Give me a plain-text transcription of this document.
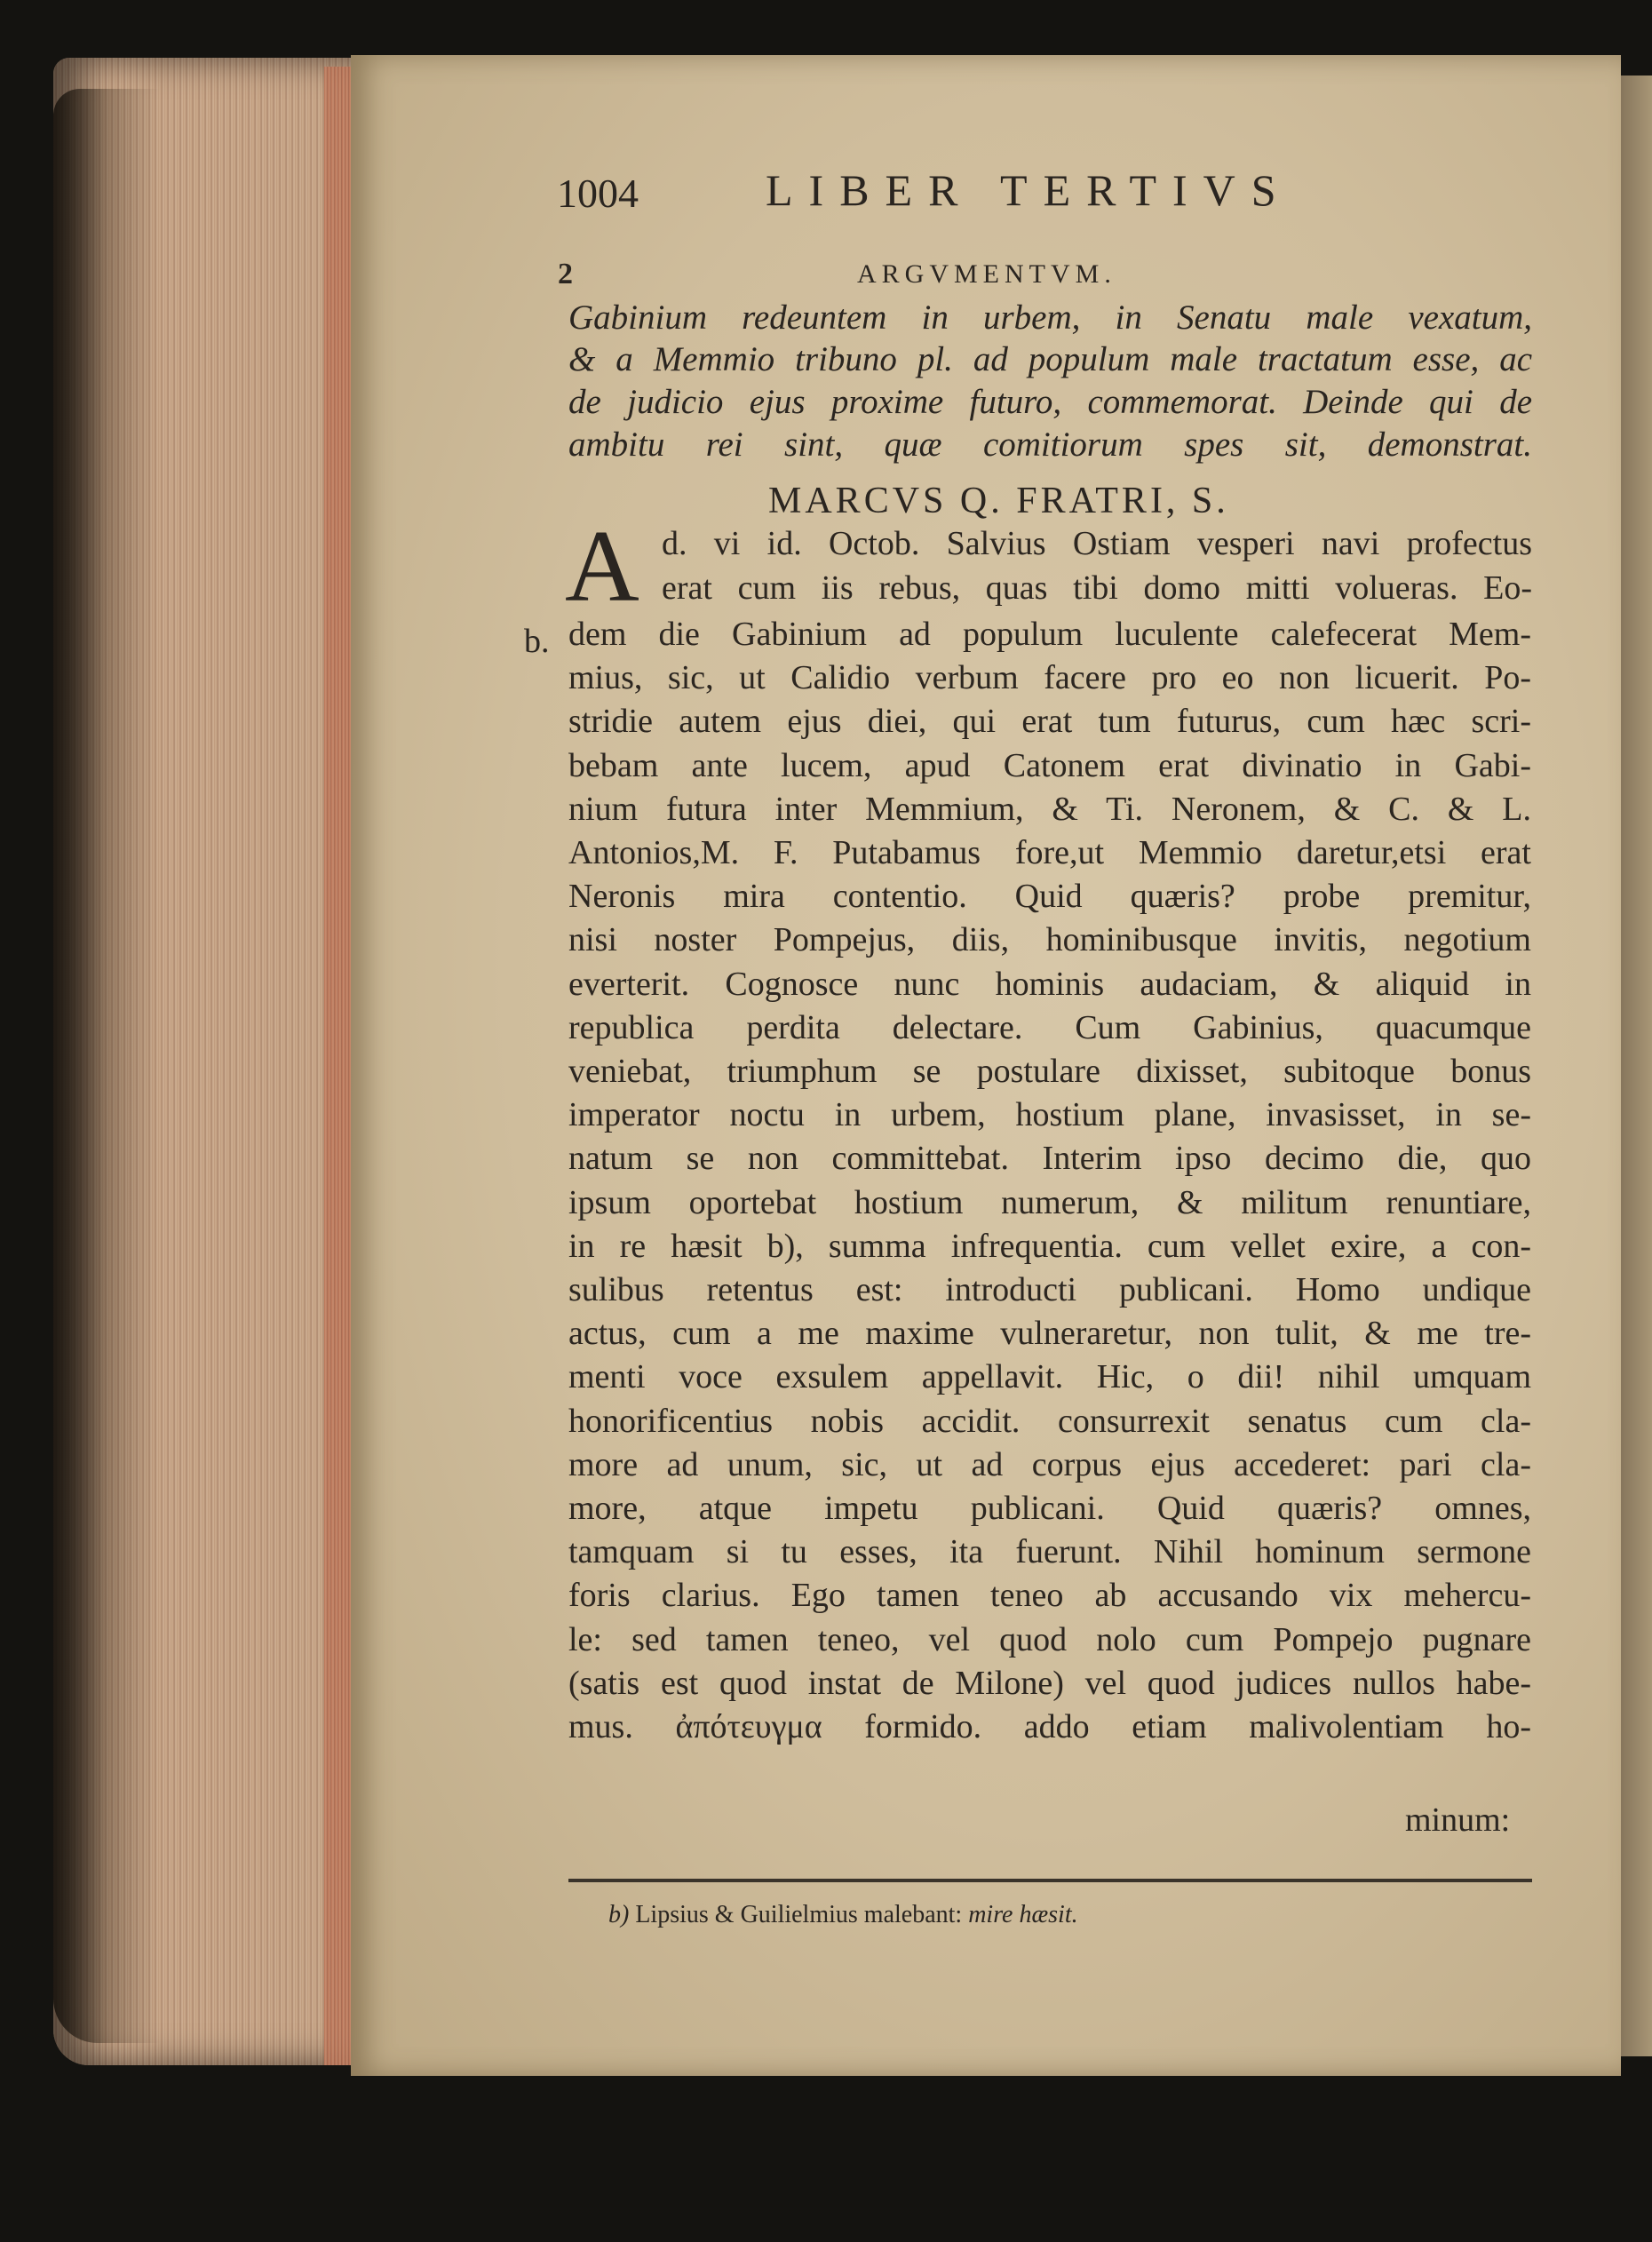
1004	LIBER TERTIVS
2	ARGVMENTVM.
Gabinium redeuntem in urbem, in Senatu male vexatum,
& a Memmio tribuno pl. ad populum male tractatum esse, ac
de judicio ejus proxime futuro, commemorat. Deinde qui de
ambitu rei sint, quæ comitiorum spes sit, demonstrat.
MARCVS Q. FRATRI, S.
A
b.
d. vi id. Octob. Salvius Ostiam vesperi navi profectus
erat cum iis rebus, quas tibi domo mitti volueras. Eo-
minum:
b) Lipsius & Guilielmius malebant: mire hæsit.
dem die Gabinium ad populum luculente calefecerat Mem-
mius, sic, ut Calidio verbum facere pro eo non licuerit. Po-
stridie autem ejus diei, qui erat tum futurus, cum hæc scri-
bebam ante lucem, apud Catonem erat divinatio in Gabi-
nium futura inter Memmium, & Ti. Neronem, & C. & L.
Antonios,M. F. Putabamus fore,ut Memmio daretur,etsi erat
Neronis mira contentio. Quid quæris? probe premitur,
nisi noster Pompejus, diis, hominibusque invitis, negotium
everterit. Cognosce nunc hominis audaciam, & aliquid in
republica perdita delectare. Cum Gabinius, quacumque
veniebat, triumphum se postulare dixisset, subitoque bonus
imperator noctu in urbem, hostium plane, invasisset, in se-
natum se non committebat. Interim ipso decimo die, quo
ipsum oportebat hostium numerum, & militum renuntiare,
in re hæsit b), summa infrequentia. cum vellet exire, a con-
sulibus retentus est: introducti publicani. Homo undique
actus, cum a me maxime vulneraretur, non tulit, & me tre-
menti voce exsulem appellavit. Hic, o dii! nihil umquam
honorificentius nobis accidit. consurrexit senatus cum cla-
more ad unum, sic, ut ad corpus ejus accederet: pari cla-
more, atque impetu publicani. Quid quæris? omnes,
tamquam si tu esses, ita fuerunt. Nihil hominum sermone
foris clarius. Ego tamen teneo ab accusando vix mehercu-
le: sed tamen teneo, vel quod nolo cum Pompejo pugnare
(satis est quod instat de Milone) vel quod judices nullos habe-
mus. ἀπότευγμα formido. addo etiam malivolentiam ho-
